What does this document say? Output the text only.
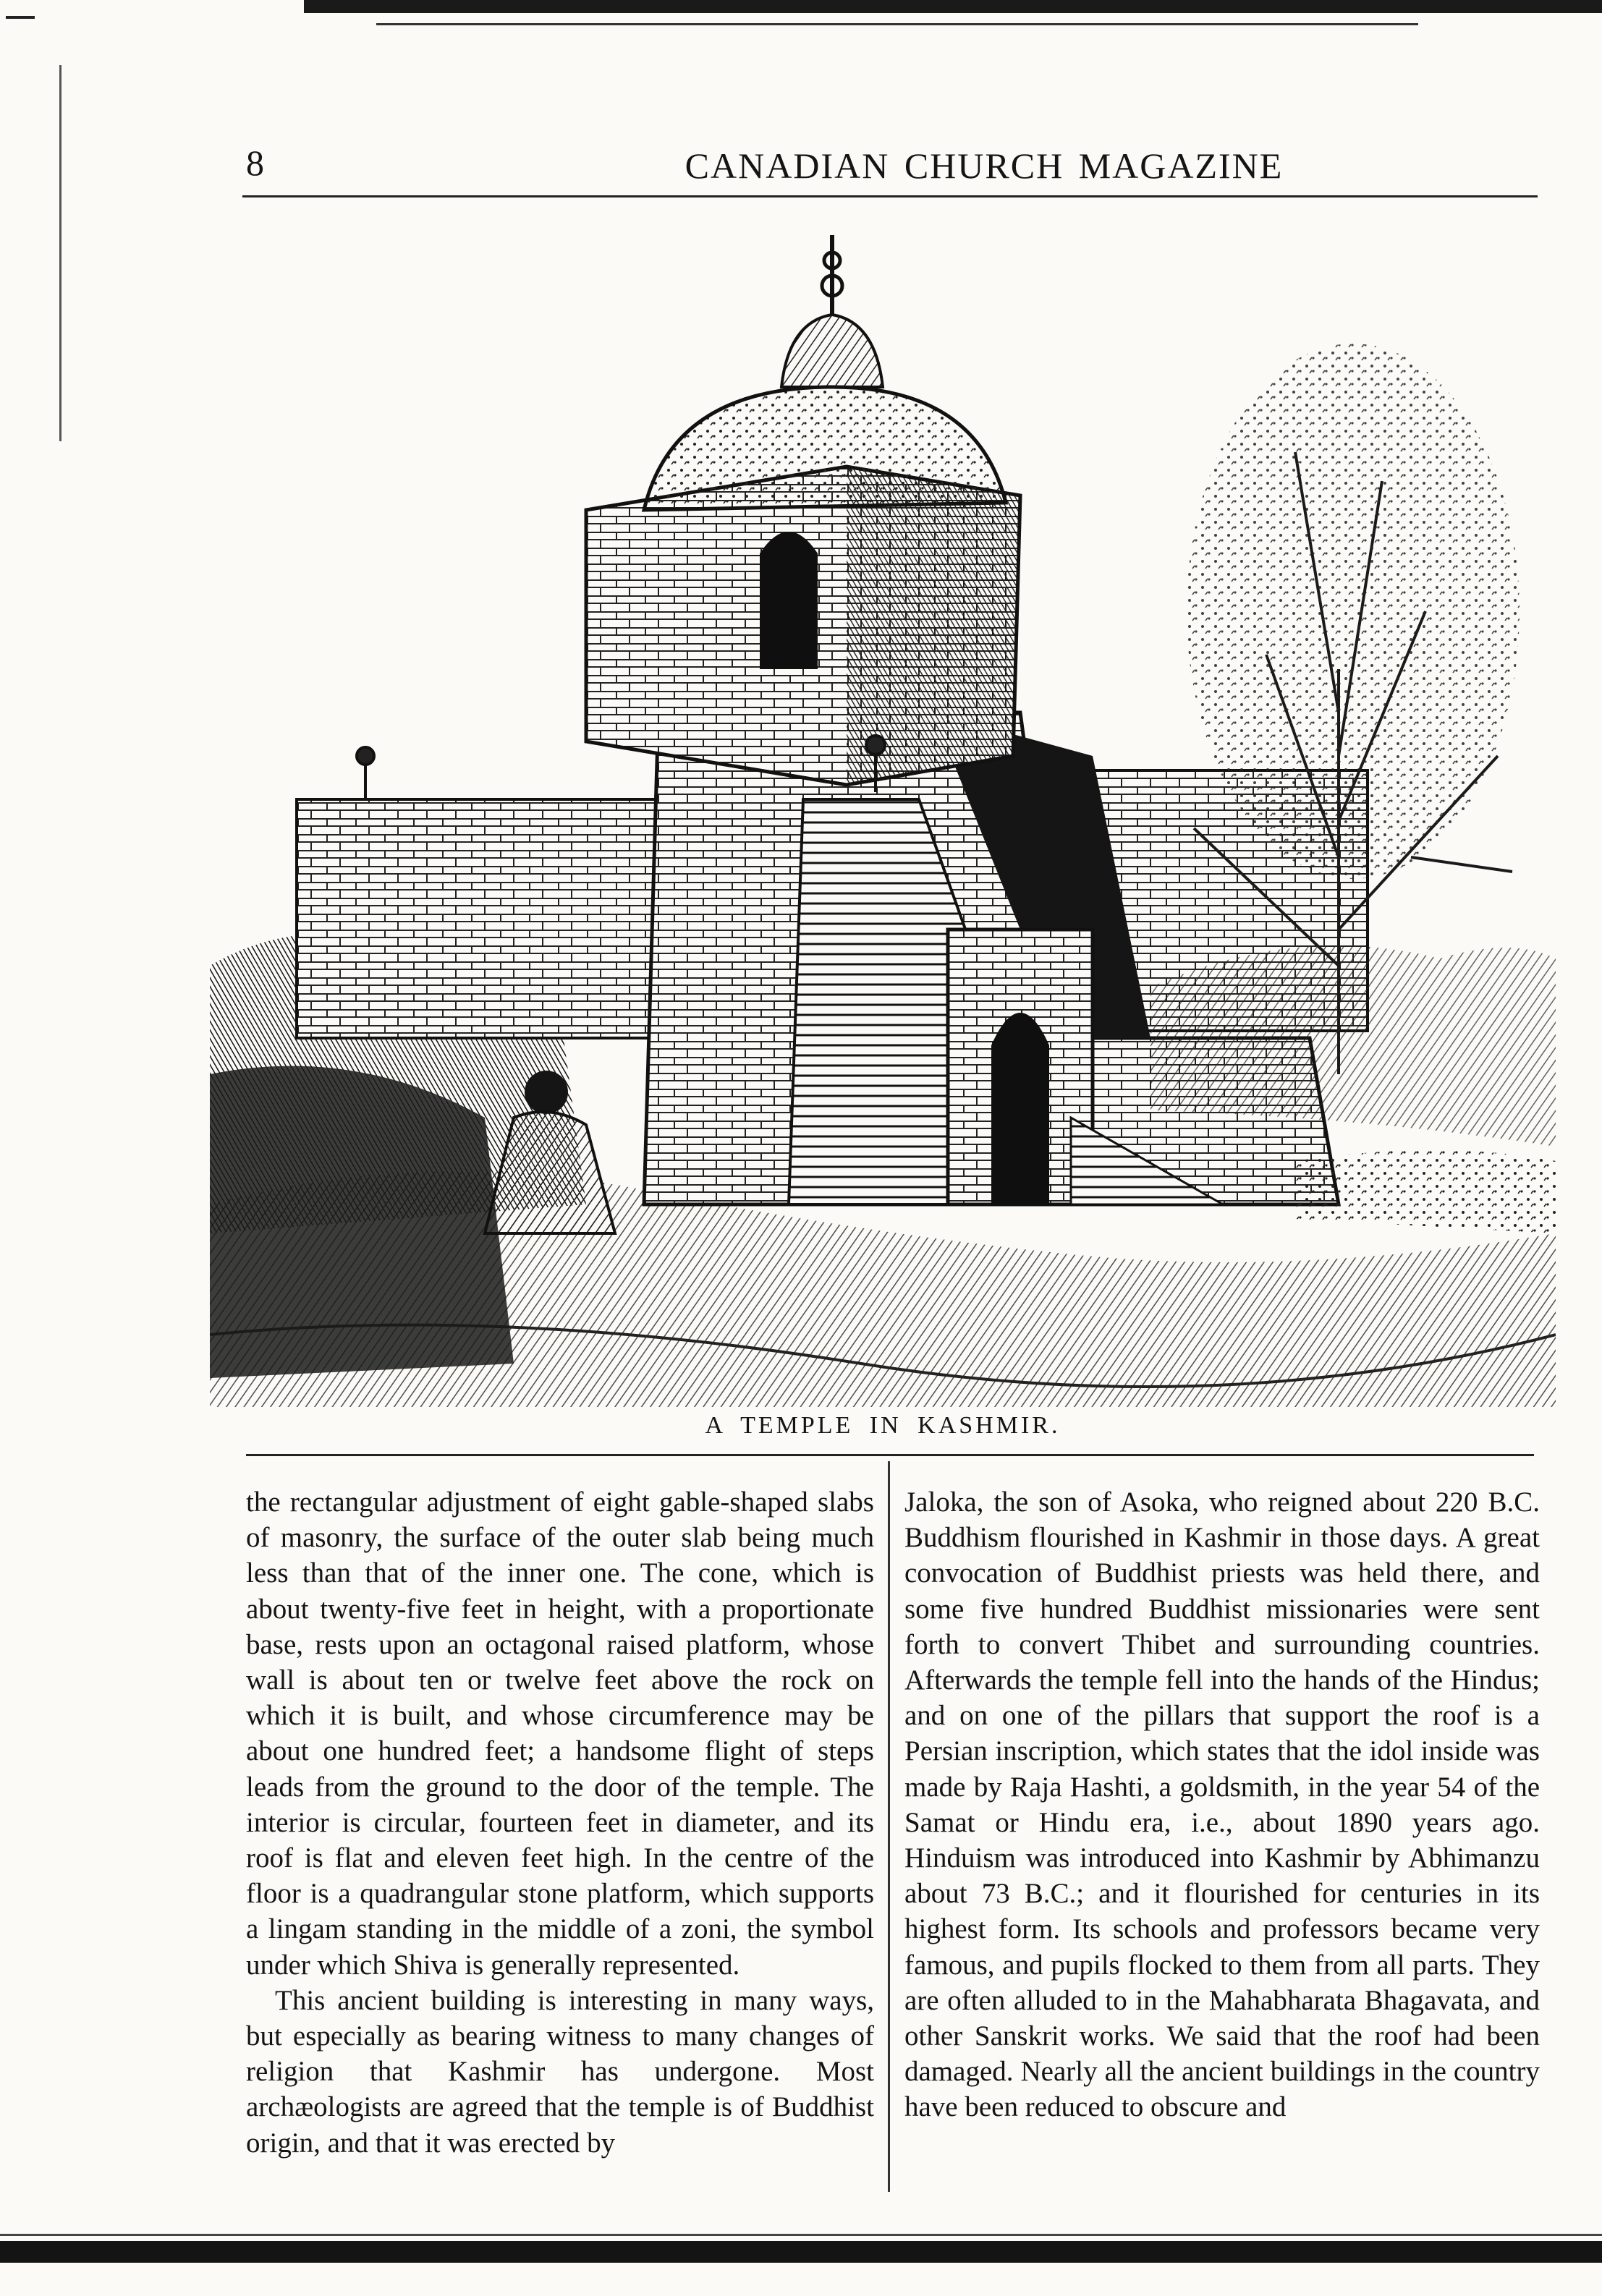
8	CANADIAN CHURCH MAGAZINE
A TEMPLE IN KASHMIR.

the rectangular adjustment of eight gable-shaped slabs of masonry, the surface of the outer slab being much less than that of the inner one. The cone, which is about twenty-five feet in height, with a proportionate base, rests upon an octagonal raised platform, whose wall is about ten or twelve feet above the rock on which it is built, and whose circumference may be about one hundred feet; a handsome flight of steps leads from the ground to the door of the temple. The interior is circular, fourteen feet in diameter, and its roof is flat and eleven feet high. In the centre of the floor is a quadrangular stone platform, which supports a lingam standing in the middle of a zoni, the symbol under which Shiva is generally represented.

This ancient building is interesting in many ways, but especially as bearing witness to many changes of religion that Kashmir has undergone. Most archæologists are agreed that the temple is of Buddhist origin, and that it was erected by

Jaloka, the son of Asoka, who reigned about 220 B.C. Buddhism flourished in Kashmir in those days. A great convocation of Buddhist priests was held there, and some five hundred Buddhist missionaries were sent forth to convert Thibet and surrounding countries. Afterwards the temple fell into the hands of the Hindus; and on one of the pillars that support the roof is a Persian inscription, which states that the idol inside was made by Raja Hashti, a goldsmith, in the year 54 of the Samat or Hindu era, i.e., about 1890 years ago. Hinduism was introduced into Kashmir by Abhimanzu about 73 B.C.; and it flourished for centuries in its highest form. Its schools and professors became very famous, and pupils flocked to them from all parts. They are often alluded to in the Mahabharata Bhagavata, and other Sanskrit works. We said that the roof had been damaged. Nearly all the ancient buildings in the country have been reduced to obscure and
